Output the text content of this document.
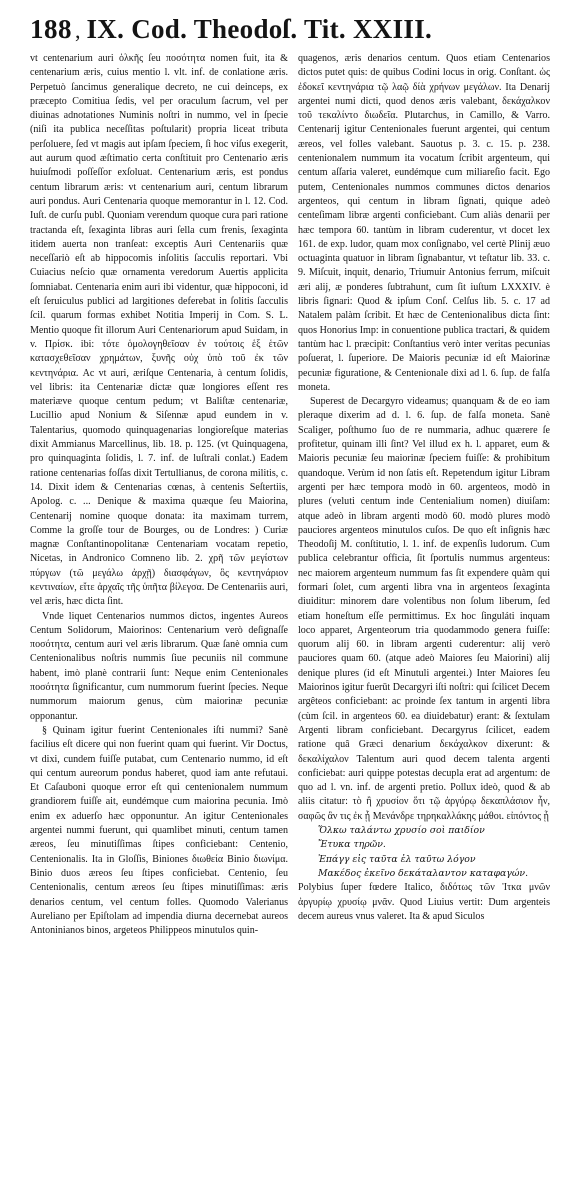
188 , IX. Cod. Theodoſ. Tit. XXIII.

vt centenarium auri ὁλκῆς ſeu ποσότητα nomen fuit, ita & centenarium æris, cuius mentio l. vlt. inf. de conlatione æris. Perpetuò ſancimus generalique decreto, ne cui deinceps, ex præcepto Comitiua ſedis, vel per oraculum ſacrum, vel per diuinas adnotationes Numinis noſtri in nummo, vel in ſpecie (niſi ita publica neceſſitas poſtularit) propria liceat tributa perſoluere, ſed vt magis aut ipſam ſpeciem, ſi hoc viſus exegerit, aut aurum quod æſtimatio certa conſtituit pro Centenario æris huiuſmodi poſſeſſor exſoluat. Centenarium æris, est pondus centum librarum æris: vt centenarium auri, centum librarum auri pondus. Auri Centenaria quoque memorantur in l. 12. Cod. Iuſt. de curſu publ. Quoniam verendum quoque cura pari ratione tractanda eſt, ſexaginta libras auri ſella cum frenis, ſexaginta itidem auerta non tranſeat: exceptis Auri Centenariis quæ neceſſariò eſt ab hippocomis inſolitis ſacculis reportari. Vbi Cuiacius neſcio quæ ornamenta veredorum Auertis applicita ſomniabat. Centenaria enim auri ibi videntur, quæ hippoconi, id eſt ſeruiculus publici ad largitiones deferebat in ſolitis ſacculis ſcil. quarum formas exhibet Notitia Imperij in Com. S. L. Mentio quoque fit illorum Auri Centenariorum apud Suidam, in v. Πρίσκ. ibi: τότε ὁμολογηθεῖσαν ἐν τούτοις ἑξ ἑτῶν κατασχεθεῖσαν χρημάτων, ξυνῆς οὐχ ὑπὸ τοῦ ἐκ τῶν κεντηνάρια. Ac vt auri, æriſque Centenaria, à centum ſolidis, vel libris: ita Centenariæ dictæ quæ longiores eſſent res materiæve quoque centum pedum; vt Baliſtæ centenariæ, Lucillio apud Nonium & Siſennæ apud eundem in v. Talentarius, quomodo quinquagenarias longioreſque materias dixit Ammianus Marcellinus, lib. 18. p. 125. (vt Quinquagena, pro quinquaginta ſolidis, l. 7. inf. de luſtrali conlat.) Eadem ratione centenarias foſſas dixit Tertullianus, de corona militis, c. 14. Dixit idem & Centenarias cœnas, à centenis Seſtertiis, Apolog. c. ... Denique & maxima quæque ſeu Maiorina, Centenarij nomine quoque donata: ita maximam turrem, Comme la groſſe tour de Bourges, ou de Londres: ) Curiæ magnæ Conſtantinopolitanæ Centenariam vocatam repetio, Nicetas, in Andronico Comneno lib. 2. χρῆ τῶν μεγίστων πύργων (τῶ μεγάλω ἀρχῇ) διασφάγων, ὃς κεντηνάριον κεντιναίων, εἴτε ἀρχαῖς τῆς ὑπῆτα βίλεγσα. De Centenariis auri, vel æris, hæc dicta ſint.

Vnde liquet Centenarios nummos dictos, ingentes Aureos Centum Solidorum, Maiorinos: Centenarium verò deſignaſſe ποσότητα, centum auri vel æris librarum. Quæ ſanè omnia cum Centenionalibus noſtris nummis ſiue pecuniis nil commune habent, imò planè contrarii ſunt: Neque enim Centenionales ποσότητα ſignificantur, cum nummorum fuerint ſpecies. Neque nummorum maiorum genus, cùm maiorinæ pecuniæ opponantur.

§ Quinam igitur fuerint Centenionales iſti nummi? Sanè facilius eſt dicere qui non fuerint quam qui fuerint. Vir Doctus, vt dixi, cundem fuiſſe putabat, cum Centenario nummo, id eſt qui centum aureorum pondus haberet, quod iam ante refutaui. Et Caſauboni quoque error eſt qui centenionalem nummum grandiorem fuiſſe ait, eundémque cum maiorina pecunia. Imò enim ex aduerſo hæc opponuntur. An igitur Centenionales argentei nummi fuerunt, qui quamlibet minuti, centum tamen æreos, ſeu minutiſſimas ſtipes conficiebant: Centenio, Centenionalis. Ita in Gloſſis, Biniones διωθεία Binio διωνίμα. Binio duos æreos ſeu ſtipes conficiebat. Centenio, ſeu Centenionalis, centum æreos ſeu ſtipes minutiſſimas: æris denarios centum, vel centum folles. Quomodo Valerianus Aureliano per Epiſtolam ad impendia diurna decernebat aureos Antoninianos binos, argeteos Philippeos minutulos quin-

quagenos, æris denarios centum. Quos etiam Centenarios dictos putet quis: de quibus Codini locus in orig. Conſtant. ὡς ἐδοκεῖ κεντηνάρια τῷ λαῷ δίὰ χρήνων μεγάλων. Ita Denarij argentei numi dicti, quod denos æris valebant, δεκάχαλκον τοῦ τεκαλίντο διωδεῖα. Plutarchus, in Camillo, & Varro. Centenarij igitur Centenionales fuerunt argentei, qui centum æreos, vel folles valebant. Sauotus p. 3. c. 15. p. 238. centenionalem nummum ita vocatum ſcribit argenteum, qui centum aſſaria valeret, eundémque cum miliareſio facit. Ego putem, Centenionales nummos communes dictos denarios argenteos, qui centum in libram ſignati, quique adeò centeſimam libræ argenti conficiebant. Cum aliàs denarii per hæc tempora 60. tantùm in libram cuderentur, vt docet lex 161. de exp. ludor, quam mox conſignabo, vel certè Plinij æuo octuaginta quatuor in libram ſignabantur, vt teſtatur lib. 33. c. 9. Miſcuit, inquit, denario, Triumuir Antonius ferrum, miſcuit æri alij, æ ponderes ſubtrahunt, cum ſit iuſtum LXXXIV. è libris ſignari: Quod & ipſum Conſ. Celſus lib. 5. c. 17 ad Natalem palàm ſcribit. Et hæc de Centenionalibus dicta ſint: quos Honorius Imp: in conuentione publica tractari, & quidem tantùm hac l. præcipit: Conſtantius verò inter veritas pecunias poſuerat, l. ſuperiore. De Maioris pecuniæ id eſt Maiorinæ pecuniæ figuratione, & Centenionale dixi ad l. 6. ſup. de falſa moneta.

Superest de Decargyro videamus; quanquam & de eo iam pleraque dixerim ad d. l. 6. ſup. de falſa moneta. Sanè Scaliger, poſthumo ſuo de re nummaria, adhuc quærere ſe profitetur, quinam illi ſint? Vel illud ex h. l. apparet, eum & Maioris pecuniæ ſeu maiorinæ ſpeciem fuiſſe: & prohibitum quandoque. Verùm id non ſatis eſt. Repetendum igitur Libram argenti per hæc tempora modò in 60. argenteos, modò in plures (veluti centum inde Centenialium nomen) diuiſam: atque adeò in libram argenti modò 60. modò plures modò pauciores argenteos minutulos cuſos. De quo eſt inſignis hæc Theodoſij M. conſtitutio, l. 1. inf. de expenſis ludorum. Cum publica celebrantur officia, ſit ſportulis nummus argenteus: nec maiorem argenteum nummum fas ſit expendere quàm qui formari ſolet, cum argenti libra vna in argenteos ſexaginta diuiditur: minorem dare volentibus non ſolum liberum, ſed etiam honeſtum eſſe permittimus. Ex hoc ſinguláti inquam loco apparet, Argenteorum tria quodammodo genera fuiſſe: quorum alij 60. in libram argenti cuderentur: alij verò pauciores quam 60. (atque adeò Maiores ſeu Maiorini) alij denique plures (id eſt Minutuli argentei.) Inter Maiores ſeu Maiorinos igitur fuerūt Decargyri iſti noſtri: qui ſcilicet Decem argêteos conficiebant: ac proinde ſex tantum in argenti libra (cùm ſcil. in argenteos 60. ea diuidebatur) erant: & ſextulam Argenti libram conficiebant. Decargyrus ſcilicet, eadem ratione quâ Græci denarium δεκάχαλκον dixerunt: & δεκαλίχαλον Talentum auri quod decem talenta argenti conficiebat: auri quippe potestas decupla erat ad argentum: de quo ad l. vn. inf. de argenti pretio. Pollux ideò, quod & ab aliis citatur: τὸ ἢ χρυσίον ὅτι τῷ ἀργύρῳ δεκαπλάσιον ἦν, σαφῶς ἂν τις ἐκ ᾗ Μενάνδρε τηρηκαλλάκης μάθοι. εἰπόντος ᾗ

Ὅλκω ταλάντω χρυσίο σοὶ παιδίον
Ἔτυκα τηρῶν.
Ἐπάγγ εἰς ταῦτα ἐλ ταῦτω λόγον
Μακέδος ἐκεῖνο δεκάταλαντον καταφαγών.

Polybius ſuper fœdere Italico, διδότως τῶν Ἰτκα μνῶν ἀργυρίῳ χρυσίῳ μνᾶν. Quod Liuius vertit: Dum argenteis decem aureus vnus valeret. Ita & apud Siculos
